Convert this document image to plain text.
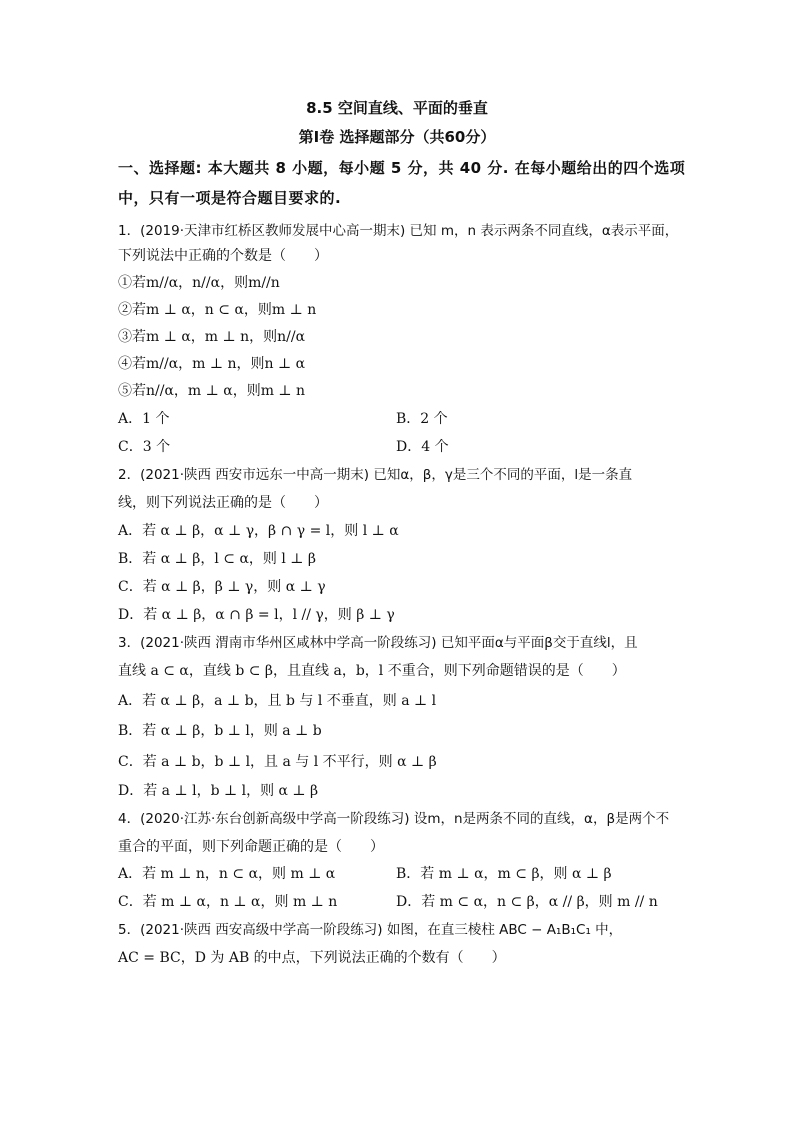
8.5 空间直线、平面的垂直
第Ⅰ卷 选择题部分（共60分）
一、选择题: 本大题共 8 小题，每小题 5 分，共 40 分. 在每小题给出的四个选项
中，只有一项是符合题目要求的.
1．(2019·天津市红桥区教师发展中心高一期末) 已知 m，n 表示两条不同直线，α表示平面，
下列说法中正确的个数是（　　）
①若m//α，n//α，则m//n
②若m ⊥ α，n ⊂ α，则m ⊥ n
③若m ⊥ α，m ⊥ n，则n//α
④若m//α，m ⊥ n，则n ⊥ α
⑤若n//α，m ⊥ α，则m ⊥ n
A．1 个	B．2 个
C．3 个	D．4 个
2．(2021·陕西 西安市远东一中高一期末) 已知α，β，γ是三个不同的平面，l是一条直
线，则下列说法正确的是（　　）
A．若 α ⊥ β，α ⊥ γ，β ∩ γ = l，则 l ⊥ α
B．若 α ⊥ β，l ⊂ α，则 l ⊥ β
C．若 α ⊥ β，β ⊥ γ，则 α ⊥ γ
D．若 α ⊥ β，α ∩ β = l，l // γ，则 β ⊥ γ
3．(2021·陕西 渭南市华州区咸林中学高一阶段练习) 已知平面α与平面β交于直线l，且
直线 a ⊂ α，直线 b ⊂ β，且直线 a，b，l 不重合，则下列命题错误的是（　　）
A．若 α ⊥ β，a ⊥ b，且 b 与 l 不垂直，则 a ⊥ l
B．若 α ⊥ β，b ⊥ l，则 a ⊥ b
C．若 a ⊥ b，b ⊥ l，且 a 与 l 不平行，则 α ⊥ β
D．若 a ⊥ l，b ⊥ l，则 α ⊥ β
4．(2020·江苏·东台创新高级中学高一阶段练习) 设m，n是两条不同的直线，α，β是两个不
重合的平面，则下列命题正确的是（　　）
A．若 m ⊥ n，n ⊂ α，则 m ⊥ α	B．若 m ⊥ α，m ⊂ β，则 α ⊥ β
C．若 m ⊥ α，n ⊥ α，则 m ⊥ n	D．若 m ⊂ α，n ⊂ β，α // β，则 m // n
5．(2021·陕西 西安高级中学高一阶段练习) 如图，在直三棱柱 ABC − A₁B₁C₁ 中，
AC = BC，D 为 AB 的中点，下列说法正确的个数有（　　）
